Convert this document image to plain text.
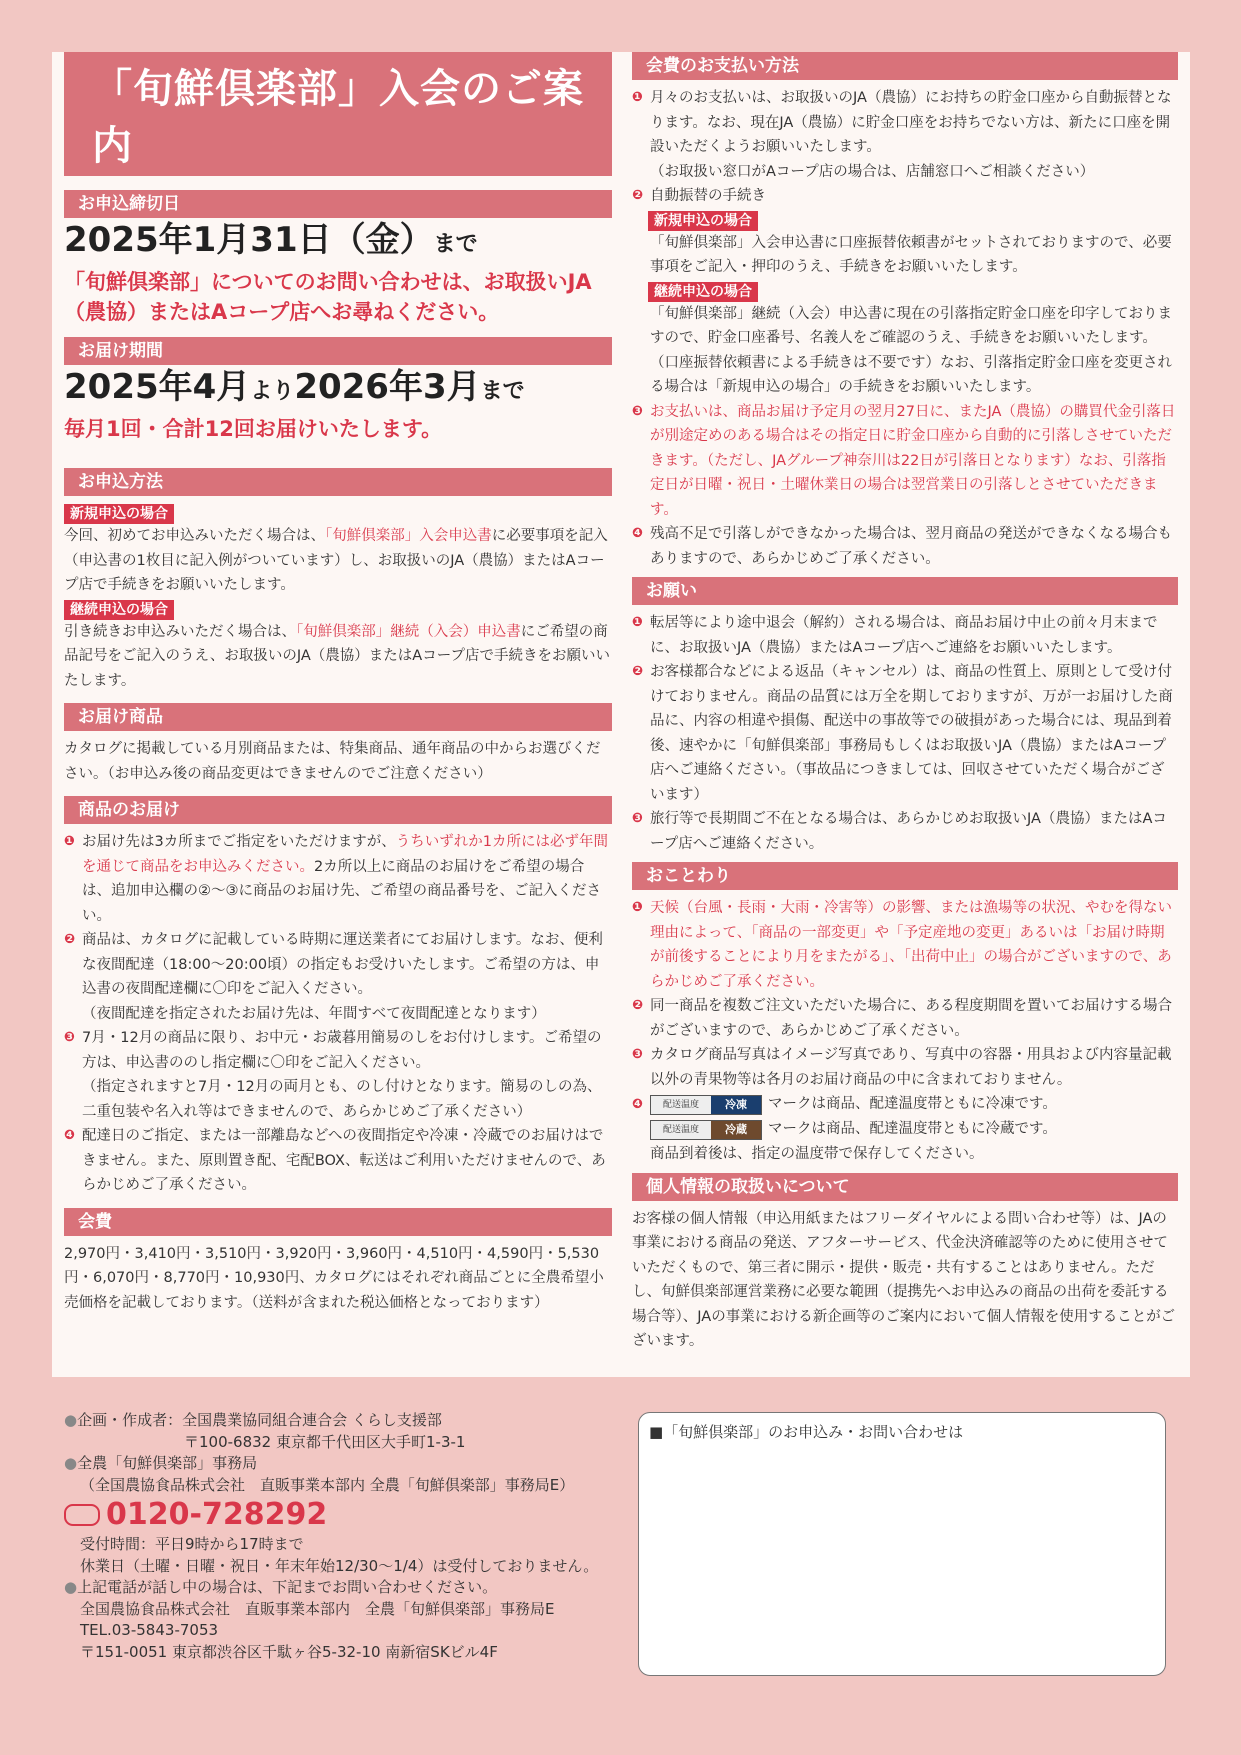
「旬鮮倶楽部」入会のご案内
お申込締切日

2025年1月31日（金）まで

「旬鮮倶楽部」についてのお問い合わせは、お取扱いJA（農協）またはAコープ店へお尋ねください。

お届け期間

2025年4月より2026年3月まで

毎月1回・合計12回お届けいたします。

お申込方法
新規申込の場合

今回、初めてお申込みいただく場合は、「旬鮮倶楽部」入会申込書に必要事項を記入（申込書の1枚目に記入例がついています）し、お取扱いのJA（農協）またはAコープ店で手続きをお願いいたします。

継続申込の場合

引き続きお申込みいただく場合は、「旬鮮倶楽部」継続（入会）申込書にご希望の商品記号をご記入のうえ、お取扱いのJA（農協）またはAコープ店で手続きをお願いいたします。

お届け商品

カタログに掲載している月別商品または、特集商品、通年商品の中からお選びください。（お申込み後の商品変更はできませんのでご注意ください）

商品のお届け
❶ お届け先は3カ所までご指定をいただけますが、うちいずれか1カ所には必ず年間を通じて商品をお申込みください。2カ所以上に商品のお届けをご希望の場合は、追加申込欄の②〜③に商品のお届け先、ご希望の商品番号を、ご記入ください。
❷ 商品は、カタログに記載している時期に運送業者にてお届けします。なお、便利な夜間配達（18:00〜20:00頃）の指定もお受けいたします。ご希望の方は、申込書の夜間配達欄に〇印をご記入ください。
（夜間配達を指定されたお届け先は、年間すべて夜間配達となります）
❸ 7月・12月の商品に限り、お中元・お歳暮用簡易のしをお付けします。ご希望の方は、申込書ののし指定欄に〇印をご記入ください。
（指定されますと7月・12月の両月とも、のし付けとなります。簡易のしの為、二重包装や名入れ等はできませんので、あらかじめご了承ください）
❹ 配達日のご指定、または一部離島などへの夜間指定や冷凍・冷蔵でのお届けはできません。また、原則置き配、宅配BOX、転送はご利用いただけませんので、あらかじめご了承ください。
会費

2,970円・3,410円・3,510円・3,920円・3,960円・4,510円・4,590円・5,530円・6,070円・8,770円・10,930円、カタログにはそれぞれ商品ごとに全農希望小売価格を記載しております。（送料が含まれた税込価格となっております）

会費のお支払い方法
❶ 月々のお支払いは、お取扱いのJA（農協）にお持ちの貯金口座から自動振替となります。なお、現在JA（農協）に貯金口座をお持ちでない方は、新たに口座を開設いただくようお願いいたします。
（お取扱い窓口がAコープ店の場合は、店舗窓口へご相談ください）
❷ 自動振替の手続き
新規申込の場合

「旬鮮倶楽部」入会申込書に口座振替依頼書がセットされておりますので、必要事項をご記入・押印のうえ、手続きをお願いいたします。

継続申込の場合

「旬鮮倶楽部」継続（入会）申込書に現在の引落指定貯金口座を印字しておりますので、貯金口座番号、名義人をご確認のうえ、手続きをお願いいたします。（口座振替依頼書による手続きは不要です）なお、引落指定貯金口座を変更される場合は「新規申込の場合」の手続きをお願いいたします。

❸ お支払いは、商品お届け予定月の翌月27日に、またJA（農協）の購買代金引落日が別途定めのある場合はその指定日に貯金口座から自動的に引落しさせていただきます。（ただし、JAグループ神奈川は22日が引落日となります）なお、引落指定日が日曜・祝日・土曜休業日の場合は翌営業日の引落しとさせていただきます。
❹ 残高不足で引落しができなかった場合は、翌月商品の発送ができなくなる場合もありますので、あらかじめご了承ください。
お願い
❶ 転居等により途中退会（解約）される場合は、商品お届け中止の前々月末までに、お取扱いJA（農協）またはAコープ店へご連絡をお願いいたします。
❷ お客様都合などによる返品（キャンセル）は、商品の性質上、原則として受け付けておりません。商品の品質には万全を期しておりますが、万が一お届けした商品に、内容の相違や損傷、配送中の事故等での破損があった場合には、現品到着後、速やかに「旬鮮倶楽部」事務局もしくはお取扱いJA（農協）またはAコープ店へご連絡ください。（事故品につきましては、回収させていただく場合がございます）
❸ 旅行等で長期間ご不在となる場合は、あらかじめお取扱いJA（農協）またはAコープ店へご連絡ください。
おことわり
❶ 天候（台風・長雨・大雨・冷害等）の影響、または漁場等の状況、やむを得ない理由によって、「商品の一部変更」や「予定産地の変更」あるいは「お届け時期が前後することにより月をまたがる」、「出荷中止」の場合がございますので、あらかじめご了承ください。
❷ 同一商品を複数ご注文いただいた場合に、ある程度期間を置いてお届けする場合がございますので、あらかじめご了承ください。
❸ カタログ商品写真はイメージ写真であり、写真中の容器・用具および内容量記載以外の青果物等は各月のお届け商品の中に含まれておりません。
❹	配送温度	冷凍	マークは商品、配達温度帯ともに冷凍です。
配送温度	冷蔵	マークは商品、配達温度帯ともに冷蔵です。

商品到着後は、指定の温度帯で保存してください。

個人情報の取扱いについて

お客様の個人情報（申込用紙またはフリーダイヤルによる問い合わせ等）は、JAの事業における商品の発送、アフターサービス、代金決済確認等のために使用させていただくもので、第三者に開示・提供・販売・共有することはありません。ただし、旬鮮倶楽部運営業務に必要な範囲（提携先へお申込みの商品の出荷を委託する場合等）、JAの事業における新企画等のご案内において個人情報を使用することがございます。

●企画・作成者：全国農業協同組合連合会 くらし支援部
〒100-6832 東京都千代田区大手町1-3-1
●全農「旬鮮倶楽部」事務局
（全国農協食品株式会社　直販事業本部内 全農「旬鮮倶楽部」事務局E）
0120-728292
受付時間：平日9時から17時まで
休業日（土曜・日曜・祝日・年末年始12/30〜1/4）は受付しておりません。
●上記電話が話し中の場合は、下記までお問い合わせください。
全国農協食品株式会社　直販事業本部内　全農「旬鮮倶楽部」事務局E
TEL.03-5843-7053
〒151-0051 東京都渋谷区千駄ヶ谷5-32-10 南新宿SKビル4F
■「旬鮮倶楽部」のお申込み・お問い合わせは
